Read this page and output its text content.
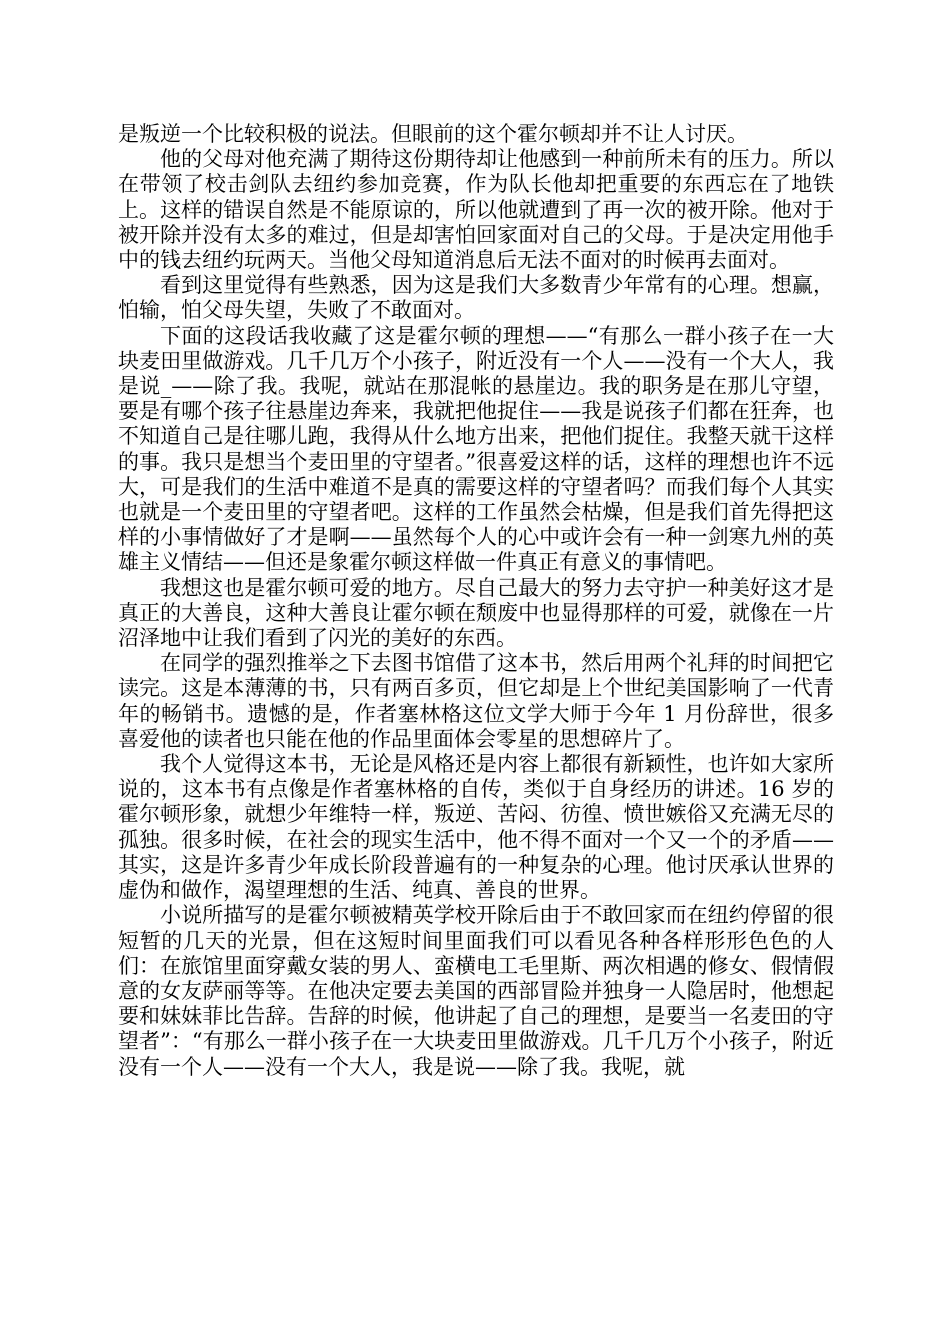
是叛逆一个比较积极的说法。但眼前的这个霍尔顿却并不让人讨厌。

他的父母对他充满了期待这份期待却让他感到一种前所未有的压力。所以在带领了校击剑队去纽约参加竞赛，作为队长他却把重要的东西忘在了地铁上。这样的错误自然是不能原谅的，所以他就遭到了再一次的被开除。他对于被开除并没有太多的难过，但是却害怕回家面对自己的父母。于是决定用他手中的钱去纽约玩两天。当他父母知道消息后无法不面对的时候再去面对。

看到这里觉得有些熟悉，因为这是我们大多数青少年常有的心理。想赢，怕输，怕父母失望，失败了不敢面对。

下面的这段话我收藏了这是霍尔顿的理想——“有那么一群小孩子在一大块麦田里做游戏。几千几万个小孩子，附近没有一个人——没有一个大人，我是说_——除了我。我呢，就站在那混帐的悬崖边。我的职务是在那儿守望，要是有哪个孩子往悬崖边奔来，我就把他捉住——我是说孩子们都在狂奔，也不知道自己是往哪儿跑，我得从什么地方出来，把他们捉住。我整天就干这样的事。我只是想当个麦田里的守望者。”很喜爱这样的话，这样的理想也许不远大，可是我们的生活中难道不是真的需要这样的守望者吗？而我们每个人其实也就是一个麦田里的守望者吧。这样的工作虽然会枯燥，但是我们首先得把这样的小事情做好了才是啊——虽然每个人的心中或许会有一种一剑寒九州的英雄主义情结——但还是象霍尔顿这样做一件真正有意义的事情吧。

我想这也是霍尔顿可爱的地方。尽自己最大的努力去守护一种美好这才是真正的大善良，这种大善良让霍尔顿在颓废中也显得那样的可爱，就像在一片沼泽地中让我们看到了闪光的美好的东西。

在同学的强烈推举之下去图书馆借了这本书，然后用两个礼拜的时间把它读完。这是本薄薄的书，只有两百多页，但它却是上个世纪美国影响了一代青年的畅销书。遗憾的是，作者塞林格这位文学大师于今年 1 月份辞世，很多喜爱他的读者也只能在他的作品里面体会零星的思想碎片了。

我个人觉得这本书，无论是风格还是内容上都很有新颖性，也许如大家所说的，这本书有点像是作者塞林格的自传，类似于自身经历的讲述。16 岁的霍尔顿形象，就想少年维特一样，叛逆、苦闷、彷徨、愤世嫉俗又充满无尽的孤独。很多时候，在社会的现实生活中，他不得不面对一个又一个的矛盾——其实，这是许多青少年成长阶段普遍有的一种复杂的心理。他讨厌承认世界的虚伪和做作，渴望理想的生活、纯真、善良的世界。

小说所描写的是霍尔顿被精英学校开除后由于不敢回家而在纽约停留的很短暂的几天的光景，但在这短时间里面我们可以看见各种各样形形色色的人们：在旅馆里面穿戴女装的男人、蛮横电工毛里斯、两次相遇的修女、假情假意的女友萨丽等等。在他决定要去美国的西部冒险并独身一人隐居时，他想起要和妹妹菲比告辞。告辞的时候，他讲起了自己的理想，是要当一名麦田的守望者”：“有那么一群小孩子在一大块麦田里做游戏。几千几万个小孩子，附近没有一个人——没有一个大人，我是说——除了我。我呢，就
